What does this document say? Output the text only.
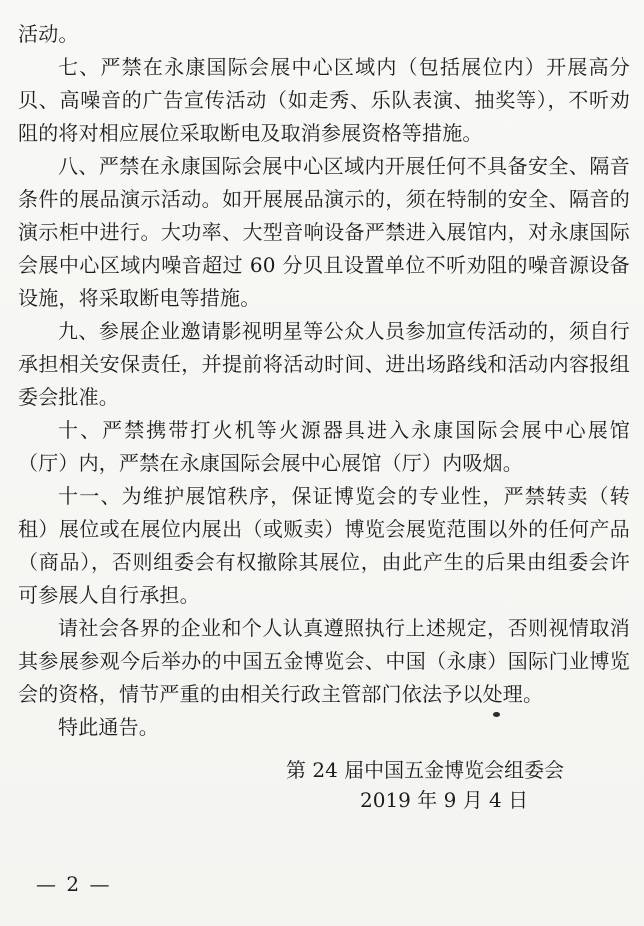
活动。

七、严禁在永康国际会展中心区域内（包括展位内）开展高分贝、高噪音的广告宣传活动（如走秀、乐队表演、抽奖等），不听劝阻的将对相应展位采取断电及取消参展资格等措施。

八、严禁在永康国际会展中心区域内开展任何不具备安全、隔音条件的展品演示活动。如开展展品演示的，须在特制的安全、隔音的演示柜中进行。大功率、大型音响设备严禁进入展馆内，对永康国际会展中心区域内噪音超过 60 分贝且设置单位不听劝阻的噪音源设备设施，将采取断电等措施。

九、参展企业邀请影视明星等公众人员参加宣传活动的，须自行承担相关安保责任，并提前将活动时间、进出场路线和活动内容报组委会批准。

十、严禁携带打火机等火源器具进入永康国际会展中心展馆（厅）内，严禁在永康国际会展中心展馆（厅）内吸烟。

十一、为维护展馆秩序，保证博览会的专业性，严禁转卖（转租）展位或在展位内展出（或贩卖）博览会展览范围以外的任何产品（商品），否则组委会有权撤除其展位，由此产生的后果由组委会许可参展人自行承担。

请社会各界的企业和个人认真遵照执行上述规定，否则视情取消其参展参观今后举办的中国五金博览会、中国（永康）国际门业博览会的资格，情节严重的由相关行政主管部门依法予以处理。

特此通告。

第 24 届中国五金博览会组委会
2019 年 9 月 4 日
— 2 —
